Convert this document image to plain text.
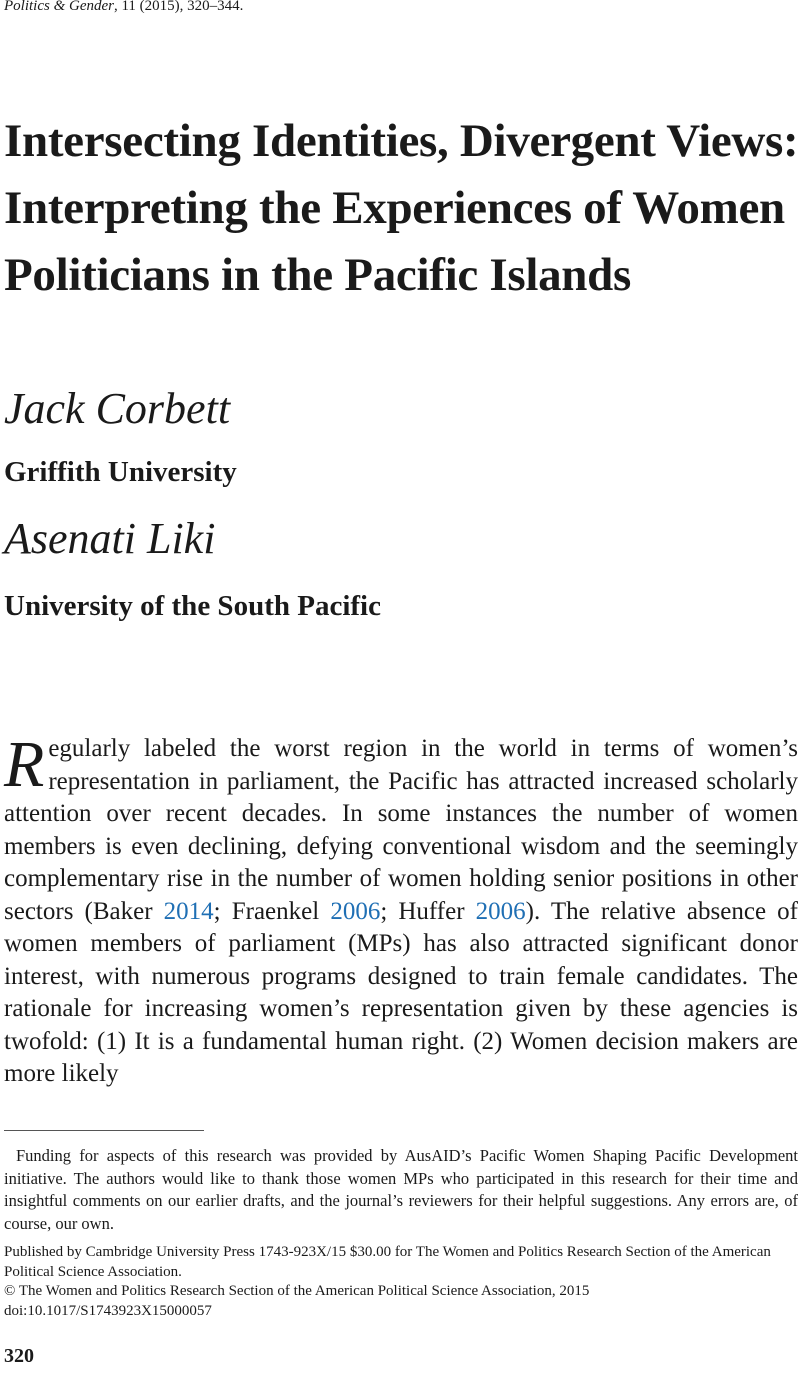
Politics & Gender, 11 (2015), 320–344.
Intersecting Identities, Divergent Views: Interpreting the Experiences of Women Politicians in the Pacific Islands
Jack Corbett
Griffith University
Asenati Liki
University of the South Pacific

Regularly labeled the worst region in the world in terms of women’s representation in parliament, the Pacific has attracted increased scholarly attention over recent decades. In some instances the number of women members is even declining, defying conventional wisdom and the seemingly complementary rise in the number of women holding senior positions in other sectors (Baker 2014; Fraenkel 2006; Huffer 2006). The relative absence of women members of parliament (MPs) has also attracted significant donor interest, with numerous programs designed to train female candidates. The rationale for increasing women’s representation given by these agencies is twofold: (1) It is a fundamental human right. (2) Women decision makers are more likely

Funding for aspects of this research was provided by AusAID’s Pacific Women Shaping Pacific Development initiative. The authors would like to thank those women MPs who participated in this research for their time and insightful comments on our earlier drafts, and the journal’s reviewers for their helpful suggestions. Any errors are, of course, our own.

Published by Cambridge University Press 1743-923X/15 $30.00 for The Women and Politics Research Section of the American Political Science Association.
© The Women and Politics Research Section of the American Political Science Association, 2015
doi:10.1017/S1743923X15000057
320
